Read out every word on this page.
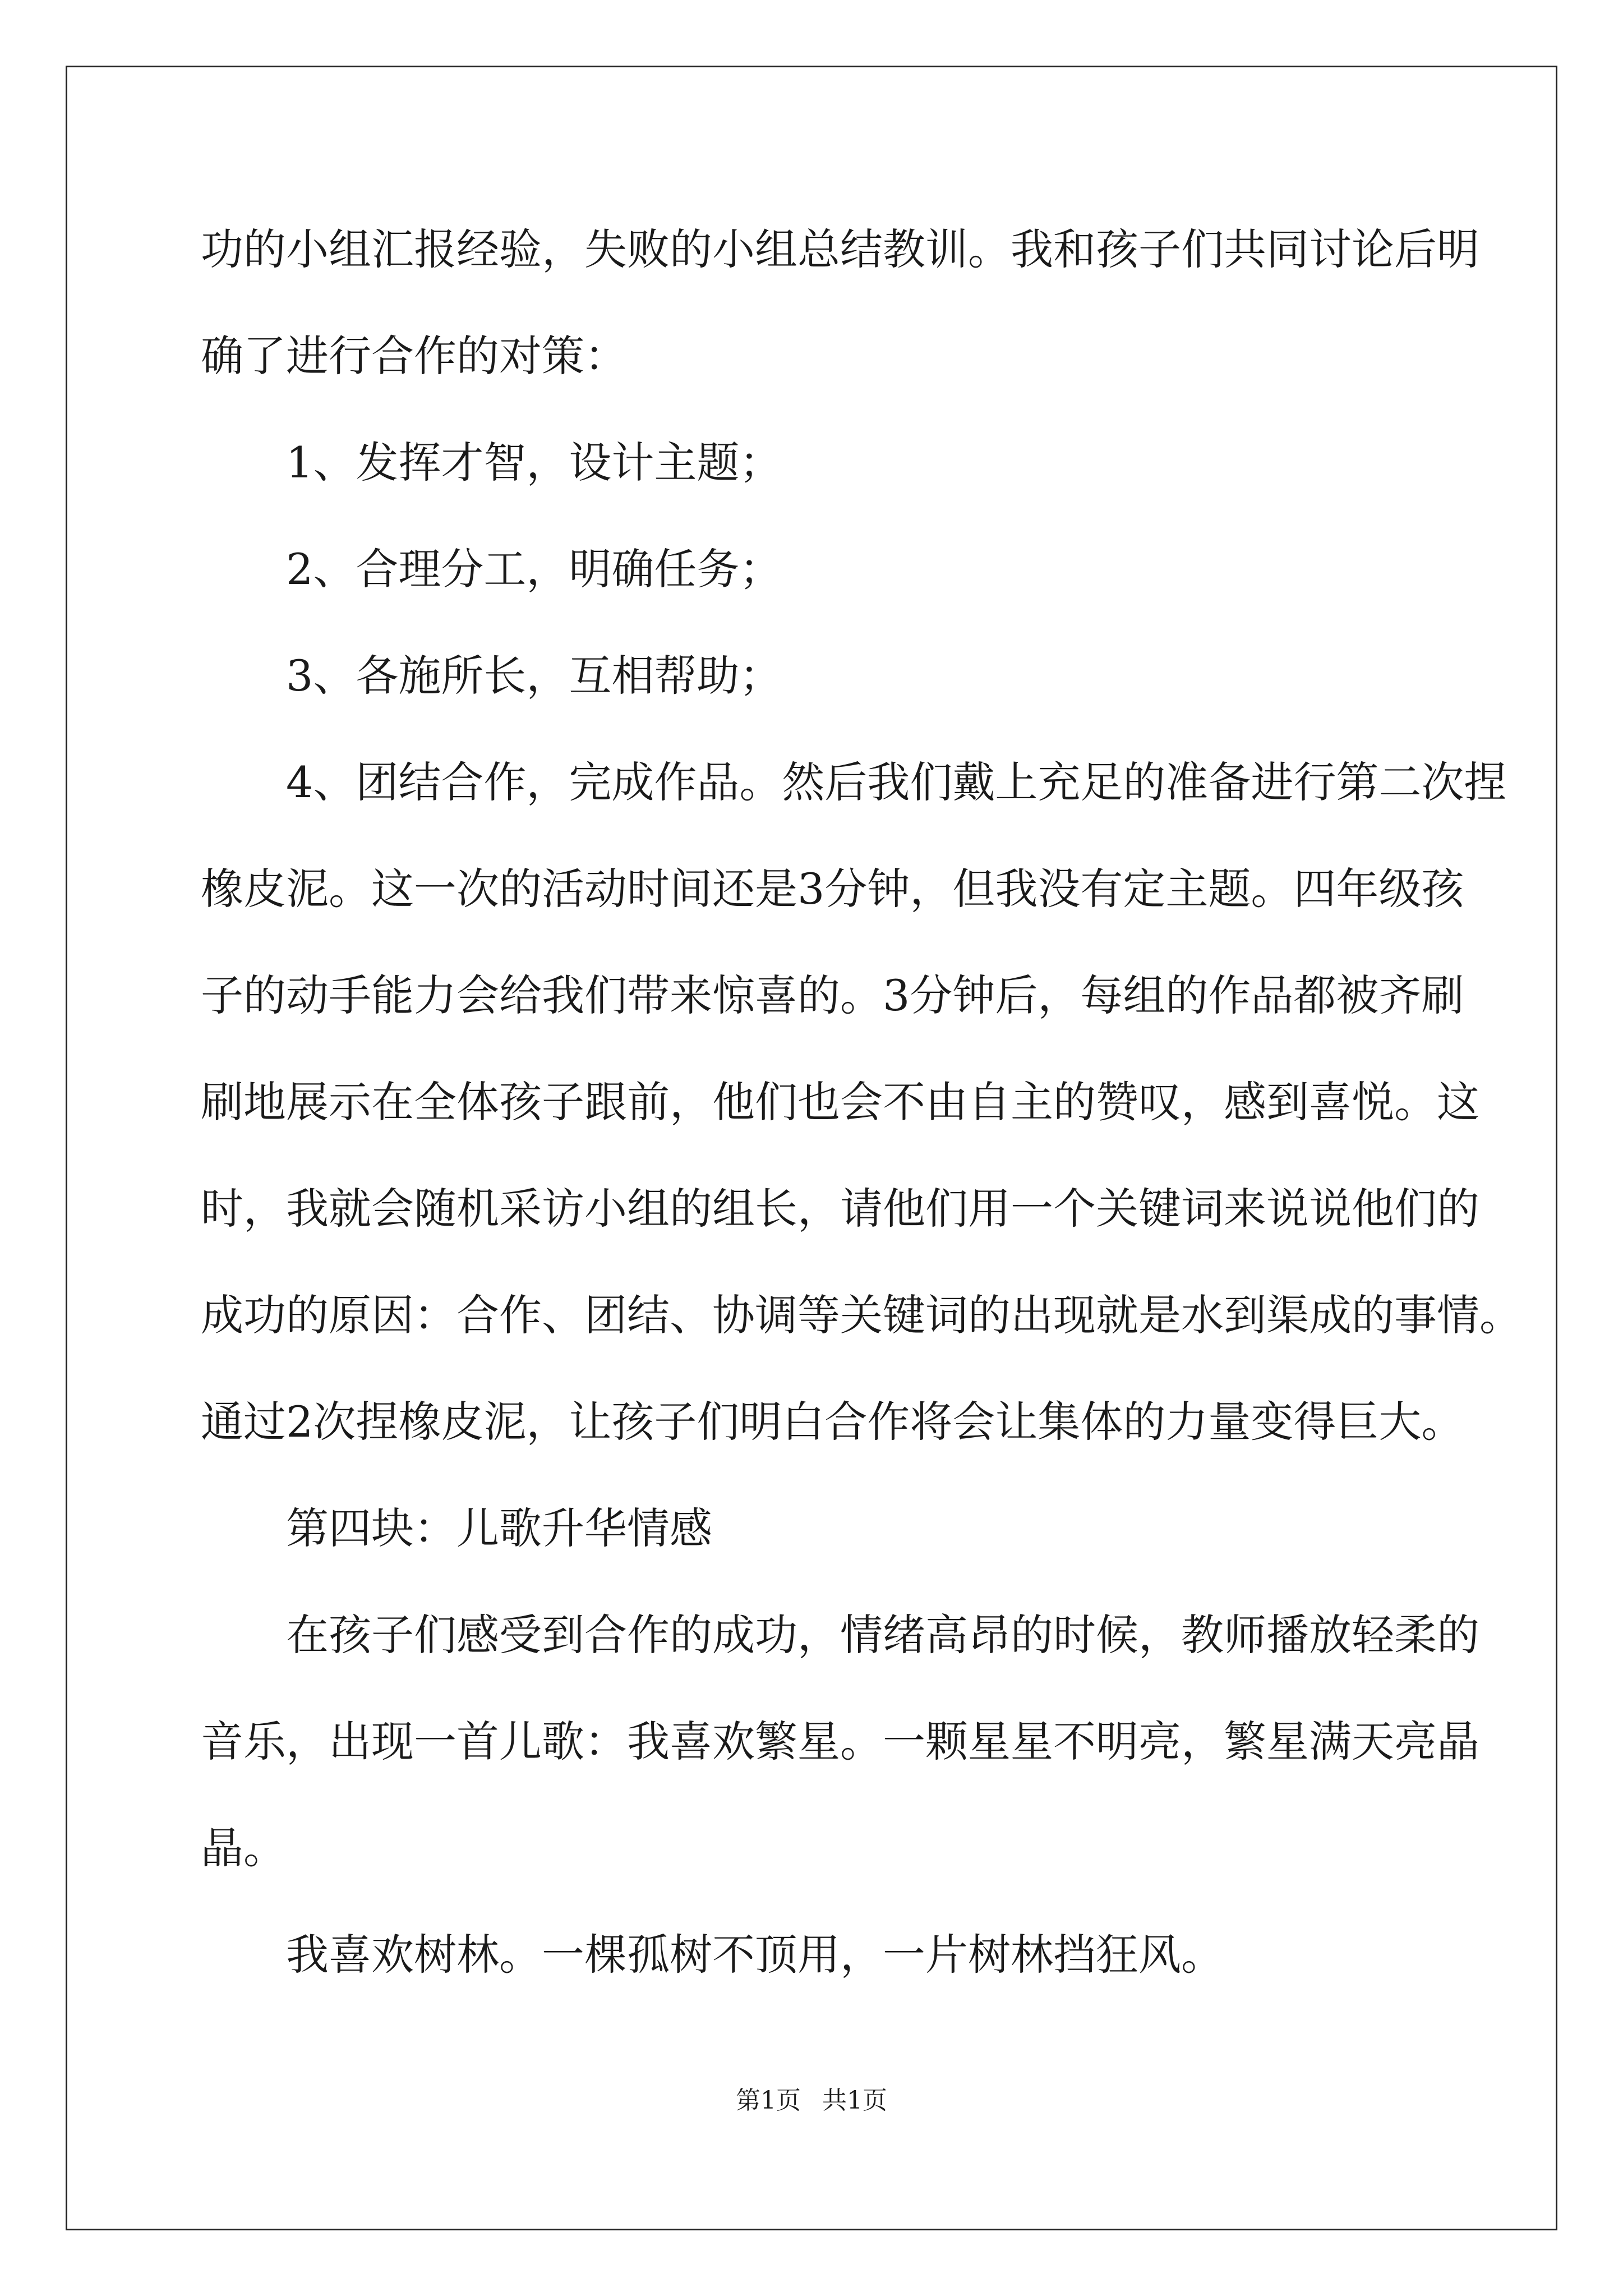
功的小组汇报经验，失败的小组总结教训。我和孩子们共同讨论后明
确了进行合作的对策：
1、发挥才智，设计主题；
2、合理分工，明确任务；
3、各施所长，互相帮助；
4、团结合作，完成作品。然后我们戴上充足的准备进行第二次捏
橡皮泥。这一次的活动时间还是3分钟，但我没有定主题。四年级孩
子的动手能力会给我们带来惊喜的。3分钟后，每组的作品都被齐刷
刷地展示在全体孩子跟前，他们也会不由自主的赞叹，感到喜悦。这
时，我就会随机采访小组的组长，请他们用一个关键词来说说他们的
成功的原因：合作、团结、协调等关键词的出现就是水到渠成的事情。
通过2次捏橡皮泥，让孩子们明白合作将会让集体的力量变得巨大。
第四块：儿歌升华情感
在孩子们感受到合作的成功，情绪高昂的时候，教师播放轻柔的
音乐，出现一首儿歌：我喜欢繁星。一颗星星不明亮，繁星满天亮晶
晶。
我喜欢树林。一棵孤树不顶用，一片树林挡狂风。
第1页 共1页
